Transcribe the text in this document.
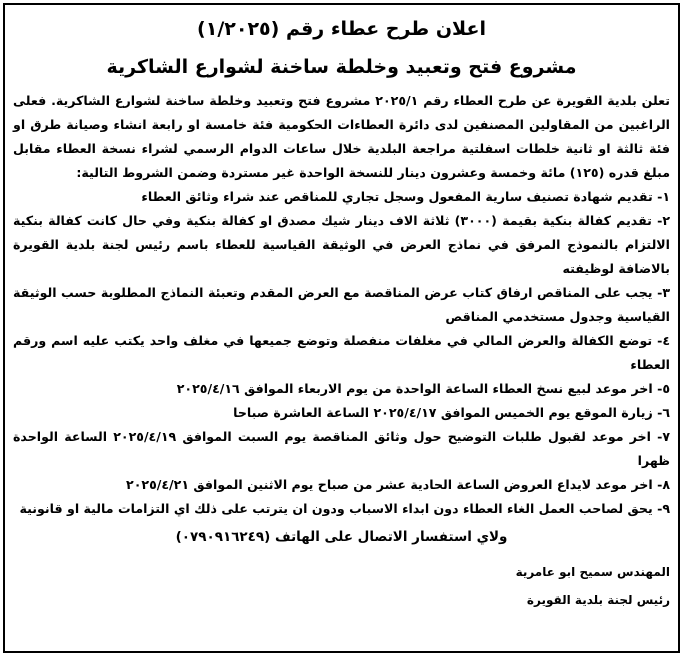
اعلان طرح عطاء رقم (١/٢٠٢٥)
مشروع فتح وتعبيد وخلطة ساخنة لشوارع الشاكرية
تعلن بلدية القويرة عن طرح العطاء رقم ٢٠٢٥/١ مشروع فتح وتعبيد وخلطة ساخنة لشوارع الشاكرية. فعلى الراغبين من المقاولين المصنفين لدى دائرة العطاءات الحكومية فئة خامسة او رابعة انشاء وصيانة طرق او فئة ثالثة او ثانية خلطات اسفلتية مراجعة البلدية خلال ساعات الدوام الرسمي لشراء نسخة العطاء مقابل مبلغ قدره (١٢٥) مائة وخمسة وعشرون دينار للنسخة الواحدة غير مستردة وضمن الشروط التالية:
١- تقديم شهادة تصنيف سارية المفعول وسجل تجاري للمناقص عند شراء وثائق العطاء
٢- تقديم كفالة بنكية بقيمة (٣٠٠٠) ثلاثة الاف دينار شيك مصدق او كفالة بنكية وفي حال كانت كفالة بنكية الالتزام بالنموذج المرفق في نماذج العرض في الوثيقة القياسية للعطاء باسم رئيس لجنة بلدية القويرة بالاضافة لوظيفته
٣- يجب على المناقص ارفاق كتاب عرض المناقصة مع العرض المقدم وتعبئة النماذج المطلوبة حسب الوثيقة القياسية وجدول مستخدمي المناقص
٤- توضع الكفالة والعرض المالي في مغلفات منفصلة وتوضع جميعها في مغلف واحد يكتب عليه اسم ورقم العطاء
٥- اخر موعد لبيع نسخ العطاء الساعة الواحدة من يوم الاربعاء الموافق ٢٠٢٥/٤/١٦
٦- زيارة الموقع يوم الخميس الموافق ٢٠٢٥/٤/١٧ الساعة العاشرة صباحا
٧- اخر موعد لقبول طلبات التوضيح حول وثائق المناقصة يوم السبت الموافق ٢٠٢٥/٤/١٩ الساعة الواحدة ظهرا
٨- اخر موعد لايداع العروض الساعة الحادية عشر من صباح يوم الاثنين الموافق ٢٠٢٥/٤/٢١
٩- يحق لصاحب العمل الغاء العطاء دون ابداء الاسباب ودون ان يترتب على ذلك اي التزامات مالية او قانونية
ولاي استفسار الاتصال على الهاتف (٠٧٩٠٩١٦٢٤٩)
المهندس سميح ابو عامرية
رئيس لجنة بلدية القويرة
